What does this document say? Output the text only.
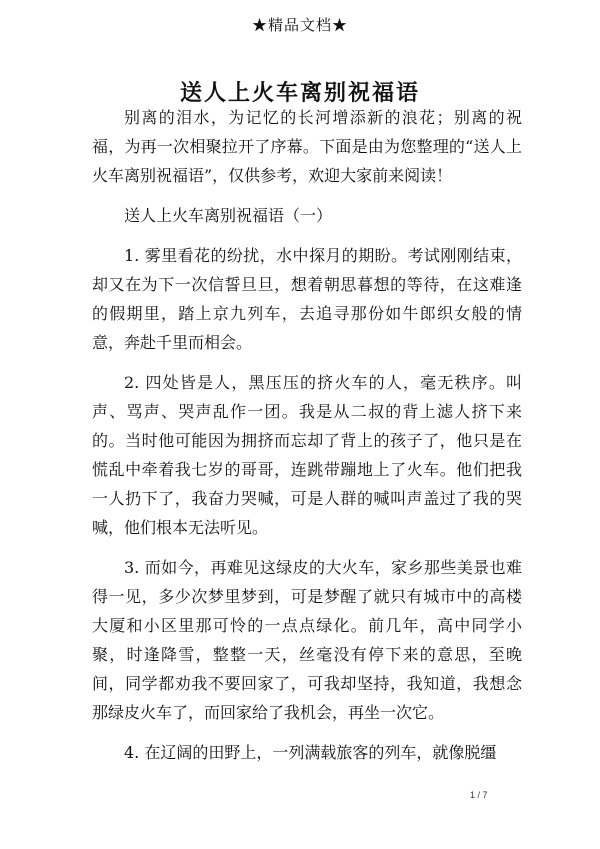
★精品文档★
送人上火车离别祝福语

别离的泪水，为记忆的长河增添新的浪花；别离的祝福，为再一次相聚拉开了序幕。下面是由为您整理的“送人上火车离别祝福语”，仅供参考，欢迎大家前来阅读！

送人上火车离别祝福语（一）

1. 雾里看花的纷扰，水中探月的期盼。考试刚刚结束，却又在为下一次信誓旦旦，想着朝思暮想的等待，在这难逢的假期里，踏上京九列车，去追寻那份如牛郎织女般的情意，奔赴千里而相会。

2. 四处皆是人，黑压压的挤火车的人，毫无秩序。叫声、骂声、哭声乱作一团。我是从二叔的背上滤人挤下来的。当时他可能因为拥挤而忘却了背上的孩子了，他只是在慌乱中牵着我七岁的哥哥，连跳带蹦地上了火车。他们把我一人扔下了，我奋力哭喊，可是人群的喊叫声盖过了我的哭喊，他们根本无法听见。

3. 而如今，再难见这绿皮的大火车，家乡那些美景也难得一见，多少次梦里梦到，可是梦醒了就只有城市中的高楼大厦和小区里那可怜的一点点绿化。前几年，高中同学小聚，时逢降雪，整整一天，丝毫没有停下来的意思，至晚间，同学都劝我不要回家了，可我却坚持，我知道，我想念那绿皮火车了，而回家给了我机会，再坐一次它。

4. 在辽阔的田野上，一列满载旅客的列车，就像脱缰

1 / 7
